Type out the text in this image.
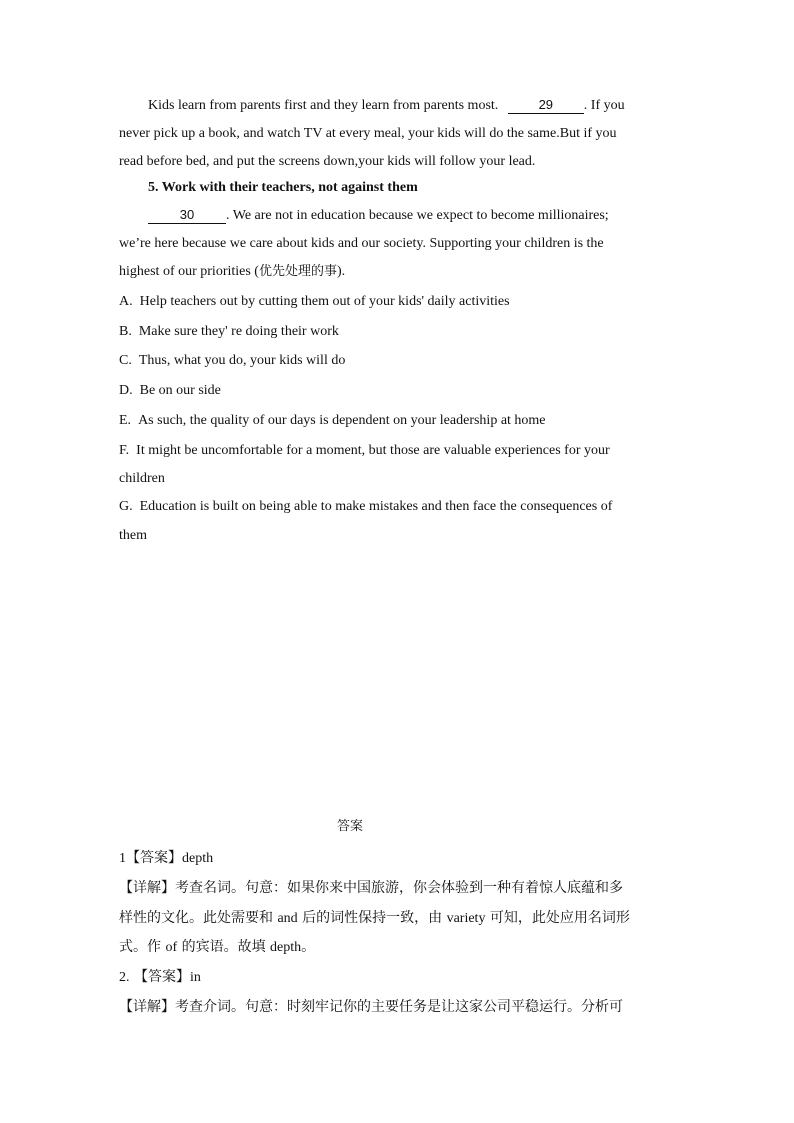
Kids learn from parents first and they learn from parents most.	29 . If you
never pick up a book, and watch TV at every meal, your kids will do the same.But if you
read before bed, and put the screens down,your kids will follow your lead.
5. Work with their teachers, not against them
30 . We are not in education because we expect to become millionaires;
we’re here because we care about kids and our society. Supporting your children is the
highest of our priorities (优先处理的事).
A. Help teachers out by cutting them out of your kids' daily activities
B. Make sure they' re doing their work
C. Thus, what you do, your kids will do
D. Be on our side
E. As such, the quality of our days is dependent on your leadership at home
F. It might be uncomfortable for a moment, but those are valuable experiences for your
children
G. Education is built on being able to make mistakes and then face the consequences of
them
答案
1【答案】depth
【详解】考查名词。句意：如果你来中国旅游，你会体验到一种有着惊人底蕴和多
样性的文化。此处需要和 and 后的词性保持一致，由 variety 可知，此处应用名词形
式。作 of 的宾语。故填 depth。
2. 【答案】in
【详解】考查介词。句意：时刻牢记你的主要任务是让这家公司平稳运行。分析可
